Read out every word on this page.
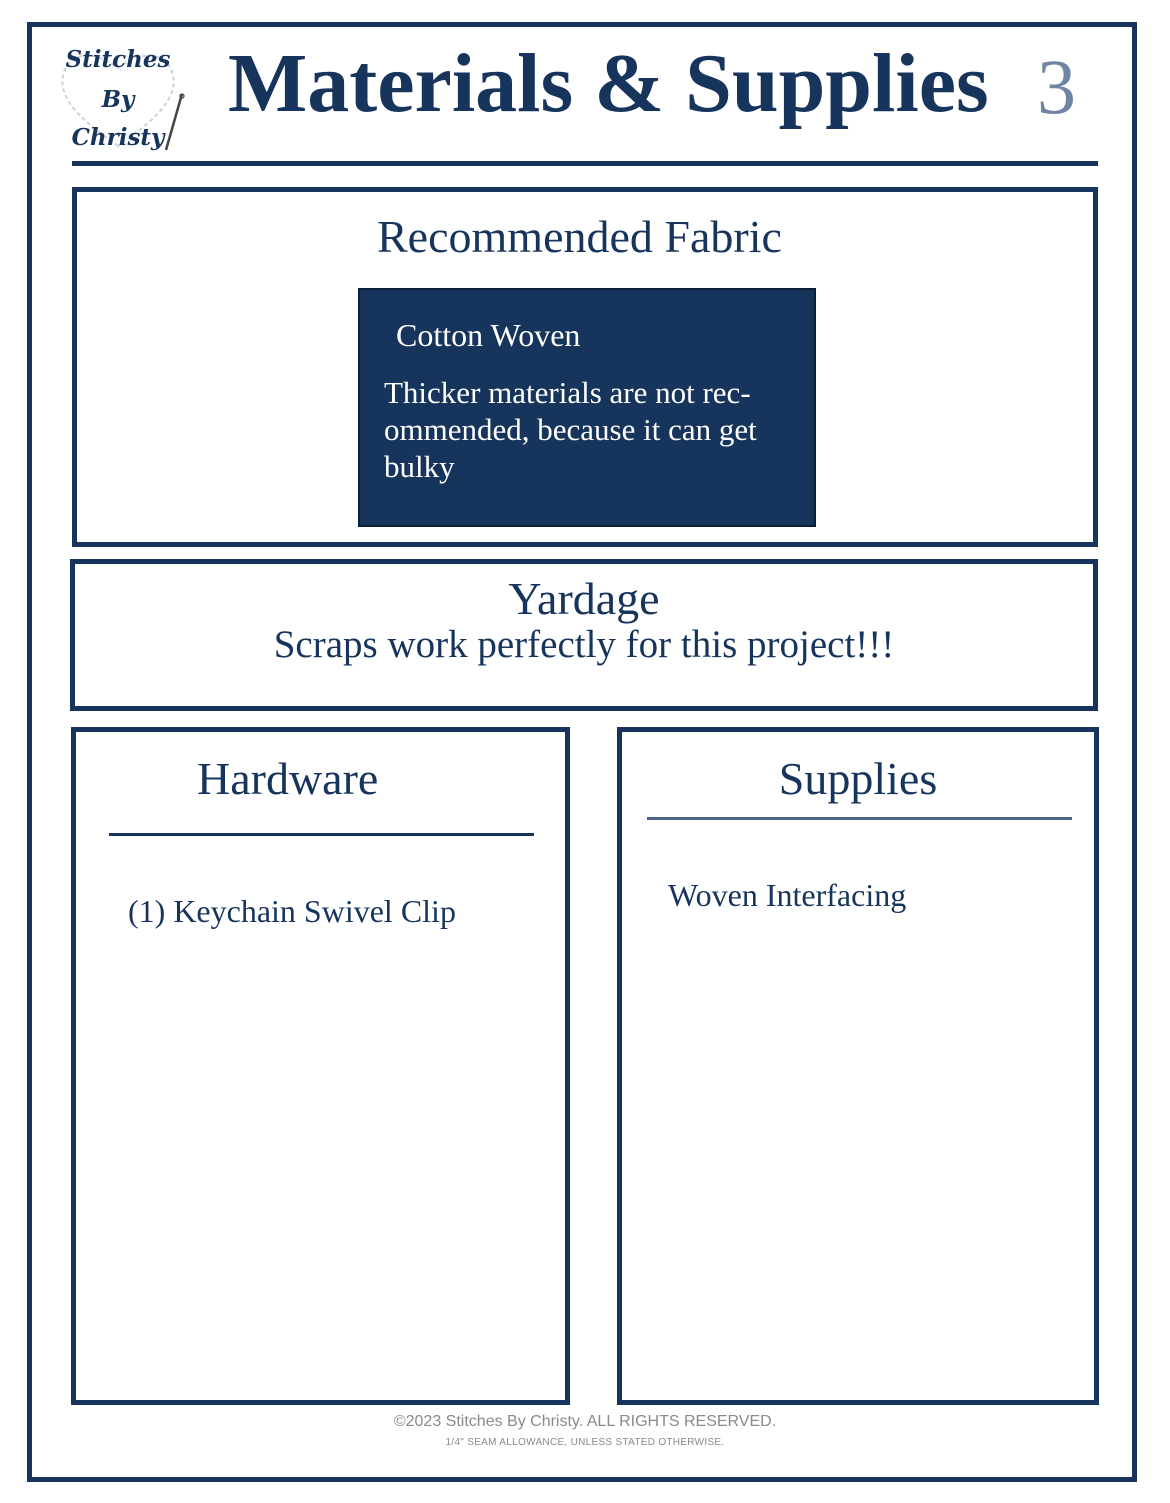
Stitches
By
Christy
Materials & Supplies 3
Recommended Fabric
Cotton Woven
Thicker materials are not recommended, because it can get bulky
Yardage
Scraps work perfectly for this project!!!
Hardware
(1) Keychain Swivel Clip
Supplies
Woven Interfacing
©2023 Stitches By Christy. ALL RIGHTS RESERVED.
1/4" SEAM ALLOWANCE, UNLESS STATED OTHERWISE.
